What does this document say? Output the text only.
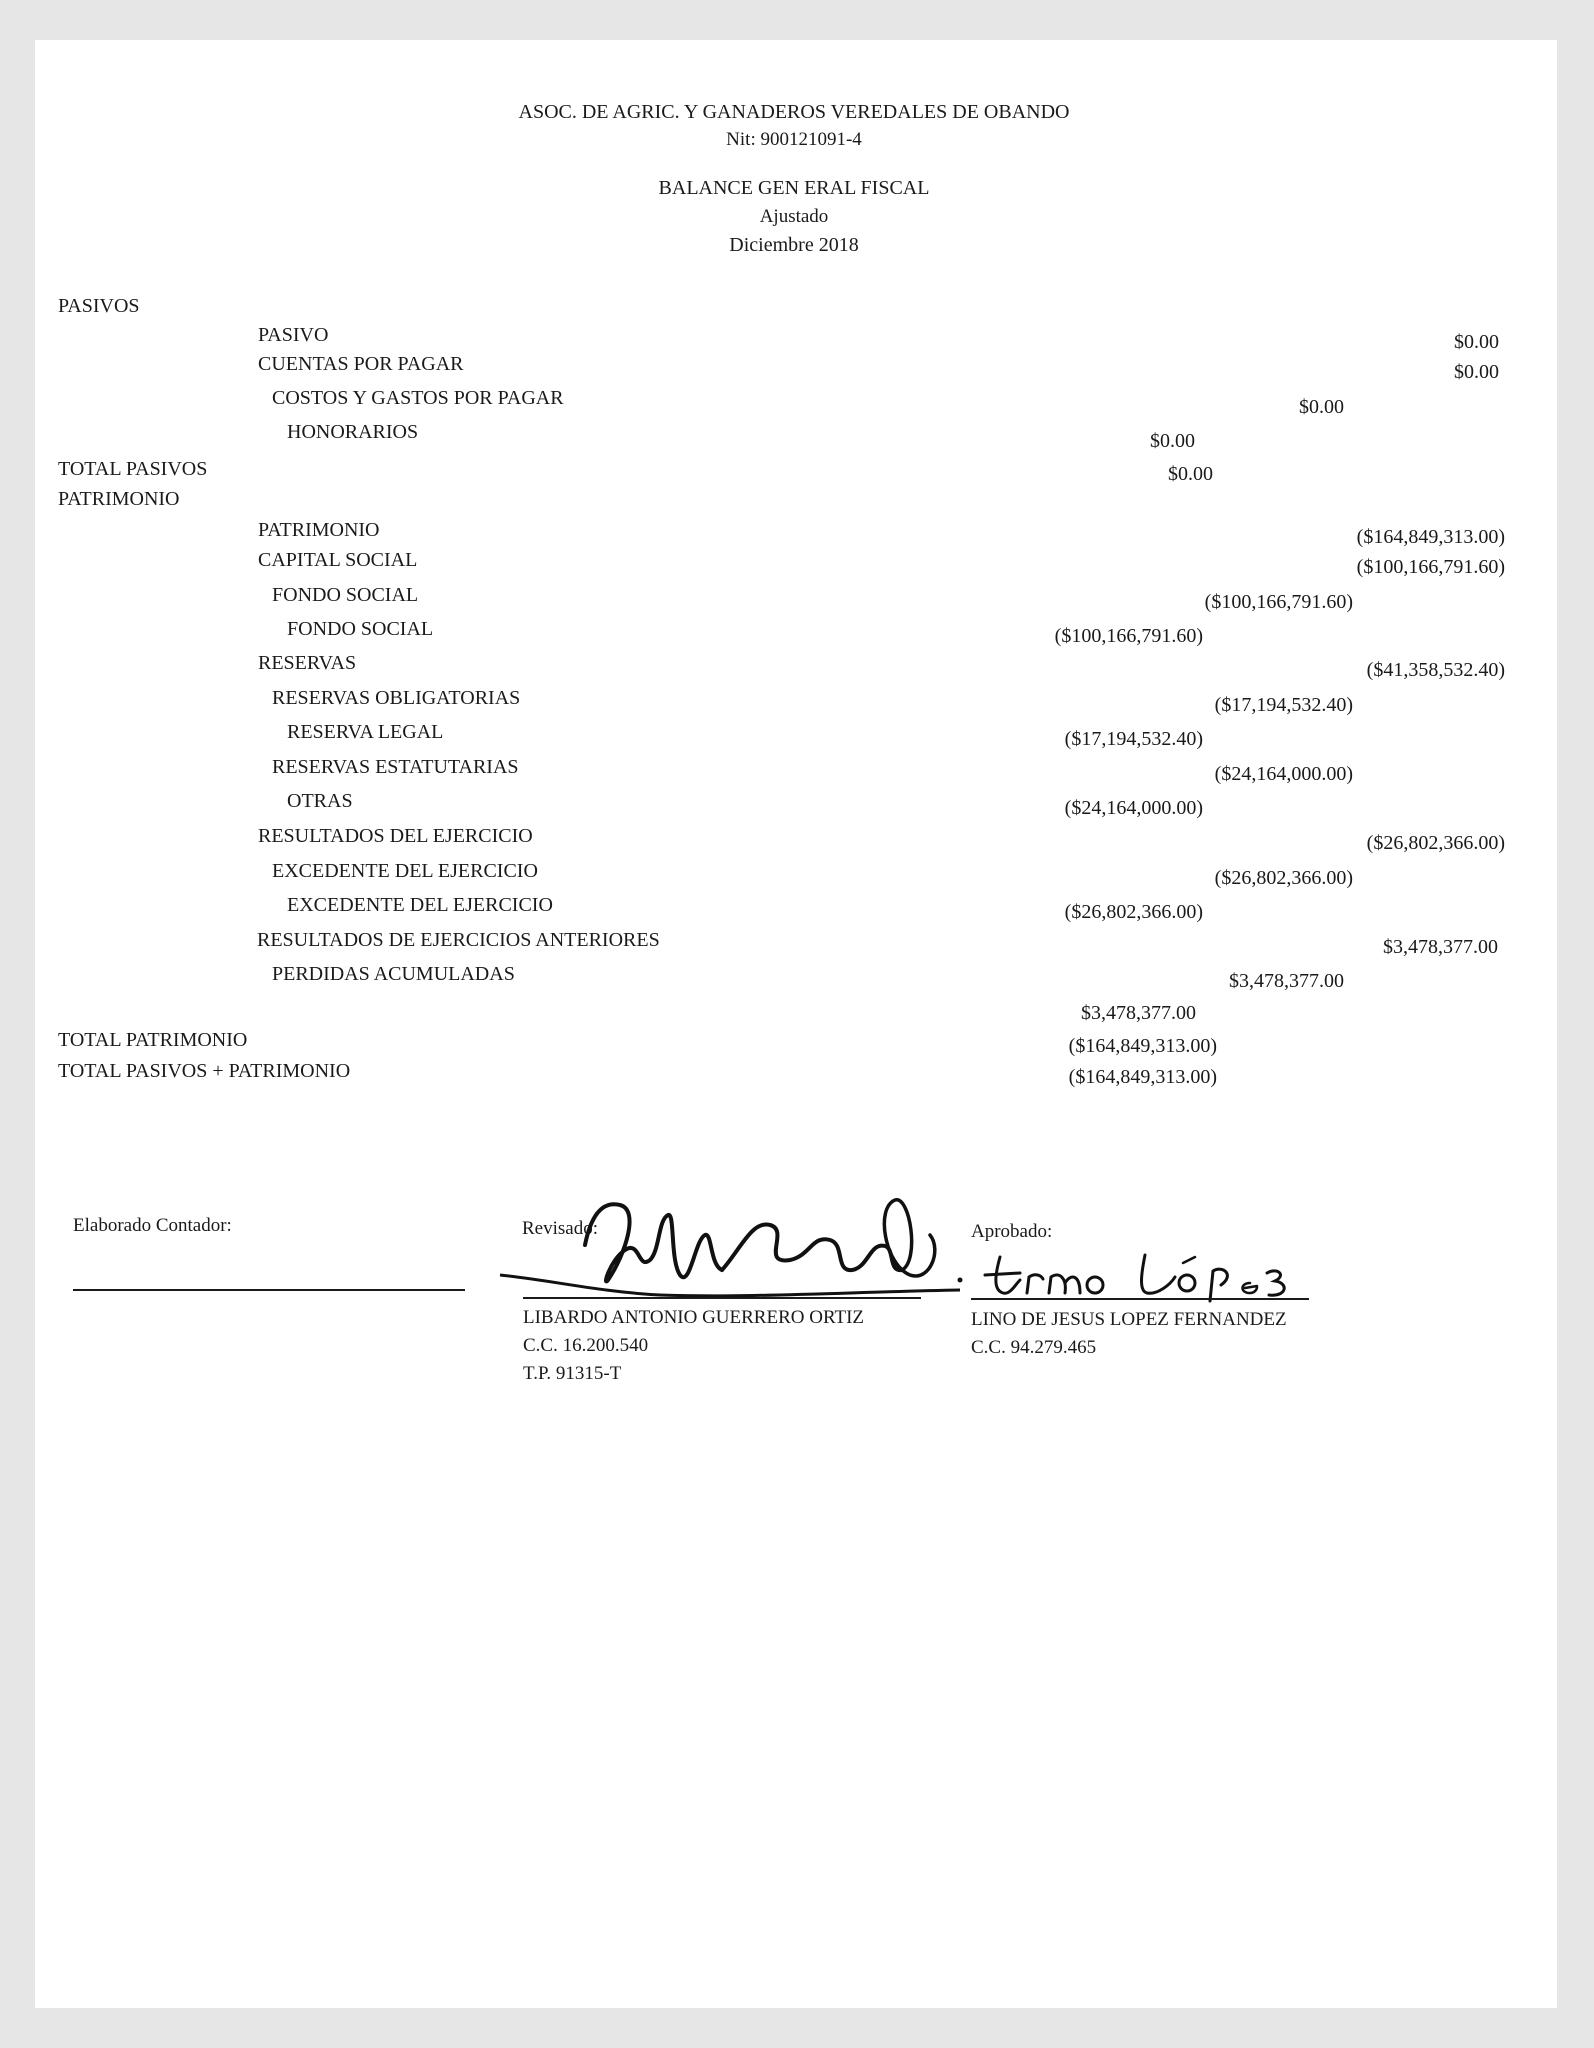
ASOC. DE AGRIC. Y GANADEROS VEREDALES DE OBANDO
Nit: 900121091-4
BALANCE GEN ERAL FISCAL
Ajustado
Diciembre 2018
PASIVOS
TOTAL PASIVOS
PATRIMONIO
TOTAL PATRIMONIO
TOTAL PASIVOS + PATRIMONIO
PASIVO
CUENTAS POR PAGAR
COSTOS Y GASTOS POR PAGAR
HONORARIOS
PATRIMONIO
CAPITAL SOCIAL
FONDO SOCIAL
FONDO SOCIAL
RESERVAS
RESERVAS OBLIGATORIAS
RESERVA LEGAL
RESERVAS ESTATUTARIAS
OTRAS
RESULTADOS DEL EJERCICIO
EXCEDENTE DEL EJERCICIO
EXCEDENTE DEL EJERCICIO
RESULTADOS DE EJERCICIOS ANTERIORES
PERDIDAS ACUMULADAS
$0.00
$0.00
$0.00
$0.00
$0.00
($164,849,313.00)
($100,166,791.60)
($100,166,791.60)
($100,166,791.60)
($41,358,532.40)
($17,194,532.40)
($17,194,532.40)
($24,164,000.00)
($24,164,000.00)
($26,802,366.00)
($26,802,366.00)
($26,802,366.00)
$3,478,377.00
$3,478,377.00
$3,478,377.00
($164,849,313.00)
($164,849,313.00)
Elaborado Contador:	Revisado:
LIBARDO ANTONIO GUERRERO ORTIZ
C.C. 16.200.540
T.P. 91315-T
Aprobado:
LINO DE JESUS LOPEZ FERNANDEZ
C.C. 94.279.465
